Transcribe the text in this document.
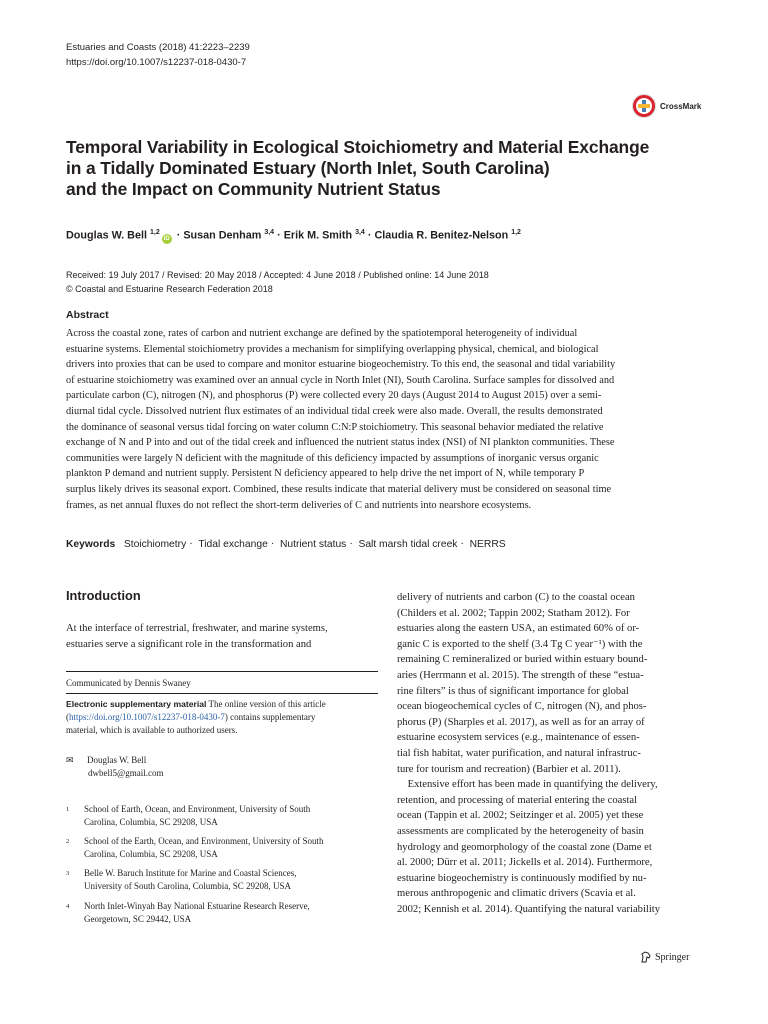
Estuaries and Coasts (2018) 41:2223–2239
https://doi.org/10.1007/s12237-018-0430-7
CrossMark
Temporal Variability in Ecological Stoichiometry and Material Exchange
in a Tidally Dominated Estuary (North Inlet, South Carolina)
and the Impact on Community Nutrient Status
Douglas W. Bell $^{1,2}$iD · Susan Denham $^{3,4}$ · Erik M. Smith $^{3,4}$ · Claudia R. Benitez-Nelson $^{1,2}$
Received: 19 July 2017 / Revised: 20 May 2018 / Accepted: 4 June 2018 / Published online: 14 June 2018
© Coastal and Estuarine Research Federation 2018
Abstract
Across the coastal zone, rates of carbon and nutrient exchange are defined by the spatiotemporal heterogeneity of individual
estuarine systems. Elemental stoichiometry provides a mechanism for simplifying overlapping physical, chemical, and biological
drivers into proxies that can be used to compare and monitor estuarine biogeochemistry. To this end, the seasonal and tidal variability
of estuarine stoichiometry was examined over an annual cycle in North Inlet (NI), South Carolina. Surface samples for dissolved and
particulate carbon (C), nitrogen (N), and phosphorus (P) were collected every 20 days (August 2014 to August 2015) over a semi-
diurnal tidal cycle. Dissolved nutrient flux estimates of an individual tidal creek were also made. Overall, the results demonstrated
the dominance of seasonal versus tidal forcing on water column C:N:P stoichiometry. This seasonal behavior mediated the relative
exchange of N and P into and out of the tidal creek and influenced the nutrient status index (NSI) of NI plankton communities. These
communities were largely N deficient with the magnitude of this deficiency impacted by assumptions of inorganic versus organic
plankton P demand and nutrient supply. Persistent N deficiency appeared to help drive the net import of N, while temporary P
surplus likely drives its seasonal export. Combined, these results indicate that material delivery must be considered on seasonal time
frames, as net annual fluxes do not reflect the short-term deliveries of C and nutrients into nearshore ecosystems.
Keywords Stoichiometry · Tidal exchange · Nutrient status · Salt marsh tidal creek · NERRS
Introduction
At the interface of terrestrial, freshwater, and marine systems,
estuaries serve a significant role in the transformation and
Communicated by Dennis Swaney
Electronic supplementary material The online version of this article
(https://doi.org/10.1007/s12237-018-0430-7) contains supplementary
material, which is available to authorized users.
✉ Douglas W. Bell
dwbell5@gmail.com
1 School of Earth, Ocean, and Environment, University of South
Carolina, Columbia, SC 29208, USA
2 School of the Earth, Ocean, and Environment, University of South
Carolina, Columbia, SC 29208, USA
3 Belle W. Baruch Institute for Marine and Coastal Sciences,
University of South Carolina, Columbia, SC 29208, USA
4 North Inlet-Winyah Bay National Estuarine Research Reserve,
Georgetown, SC 29442, USA
delivery of nutrients and carbon (C) to the coastal ocean
(Childers et al. 2002; Tappin 2002; Statham 2012). For
estuaries along the eastern USA, an estimated 60% of or-
ganic C is exported to the shelf (3.4 Tg C year⁻¹) with the
remaining C remineralized or buried within estuary bound-
aries (Herrmann et al. 2015). The strength of these “estua-
rine filters” is thus of significant importance for global
ocean biogeochemical cycles of C, nitrogen (N), and phos-
phorus (P) (Sharples et al. 2017), as well as for an array of
estuarine ecosystem services (e.g., maintenance of essen-
tial fish habitat, water purification, and natural infrastruc-
ture for tourism and recreation) (Barbier et al. 2011).
Extensive effort has been made in quantifying the delivery,
retention, and processing of material entering the coastal
ocean (Tappin et al. 2002; Seitzinger et al. 2005) yet these
assessments are complicated by the heterogeneity of basin
hydrology and geomorphology of the coastal zone (Dame et
al. 2000; Dürr et al. 2011; Jickells et al. 2014). Furthermore,
estuarine biogeochemistry is continuously modified by nu-
merous anthropogenic and climatic drivers (Scavia et al.
2002; Kennish et al. 2014). Quantifying the natural variability
Springer
